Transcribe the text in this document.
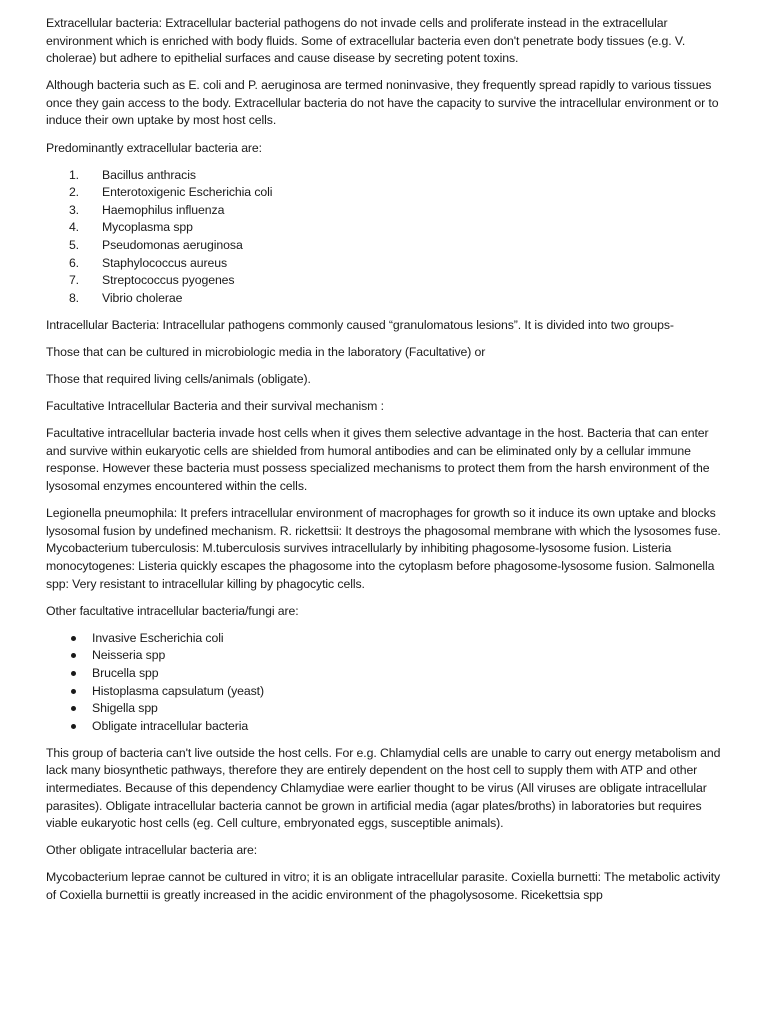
Extracellular bacteria: Extracellular bacterial pathogens do not invade cells and proliferate instead in the extracellular environment which is enriched with body fluids. Some of extracellular bacteria even don't penetrate body tissues (e.g. V. cholerae) but adhere to epithelial surfaces and cause disease by secreting potent toxins.

Although bacteria such as E. coli and P. aeruginosa are termed noninvasive, they frequently spread rapidly to various tissues once they gain access to the body. Extracellular bacteria do not have the capacity to survive the intracellular environment or to induce their own uptake by most host cells.

Predominantly extracellular bacteria are:

1.	Bacillus anthracis
2.	Enterotoxigenic Escherichia coli
3.	Haemophilus influenza
4.	Mycoplasma spp
5.	Pseudomonas aeruginosa
6.	Staphylococcus aureus
7.	Streptococcus pyogenes
8.	Vibrio cholerae

Intracellular Bacteria: Intracellular pathogens commonly caused “granulomatous lesions”. It is divided into two groups-

Those that can be cultured in microbiologic media in the laboratory (Facultative) or

Those that required living cells/animals (obligate).

Facultative Intracellular Bacteria and their survival mechanism :

Facultative intracellular bacteria invade host cells when it gives them selective advantage in the host. Bacteria that can enter and survive within eukaryotic cells are shielded from humoral antibodies and can be eliminated only by a cellular immune response. However these bacteria must possess specialized mechanisms to protect them from the harsh environment of the lysosomal enzymes encountered within the cells.

Legionella pneumophila: It prefers intracellular environment of macrophages for growth so it induce its own uptake and blocks lysosomal fusion by undefined mechanism. R. rickettsii: It destroys the phagosomal membrane with which the lysosomes fuse. Mycobacterium tuberculosis: M.tuberculosis survives intracellularly by inhibiting phagosome-lysosome fusion. Listeria monocytogenes: Listeria quickly escapes the phagosome into the cytoplasm before phagosome-lysosome fusion. Salmonella spp: Very resistant to intracellular killing by phagocytic cells.

Other facultative intracellular bacteria/fungi are:

Invasive Escherichia coli
Neisseria spp
Brucella spp
Histoplasma capsulatum (yeast)
Shigella spp
Obligate intracellular bacteria

This group of bacteria can't live outside the host cells. For e.g. Chlamydial cells are unable to carry out energy metabolism and lack many biosynthetic pathways, therefore they are entirely dependent on the host cell to supply them with ATP and other intermediates. Because of this dependency Chlamydiae were earlier thought to be virus (All viruses are obligate intracellular parasites). Obligate intracellular bacteria cannot be grown in artificial media (agar plates/broths) in laboratories but requires viable eukaryotic host cells (eg. Cell culture, embryonated eggs, susceptible animals).

Other obligate intracellular bacteria are:

Mycobacterium leprae cannot be cultured in vitro; it is an obligate intracellular parasite. Coxiella burnetti: The metabolic activity of Coxiella burnettii is greatly increased in the acidic environment of the phagolysosome. Ricekettsia spp
